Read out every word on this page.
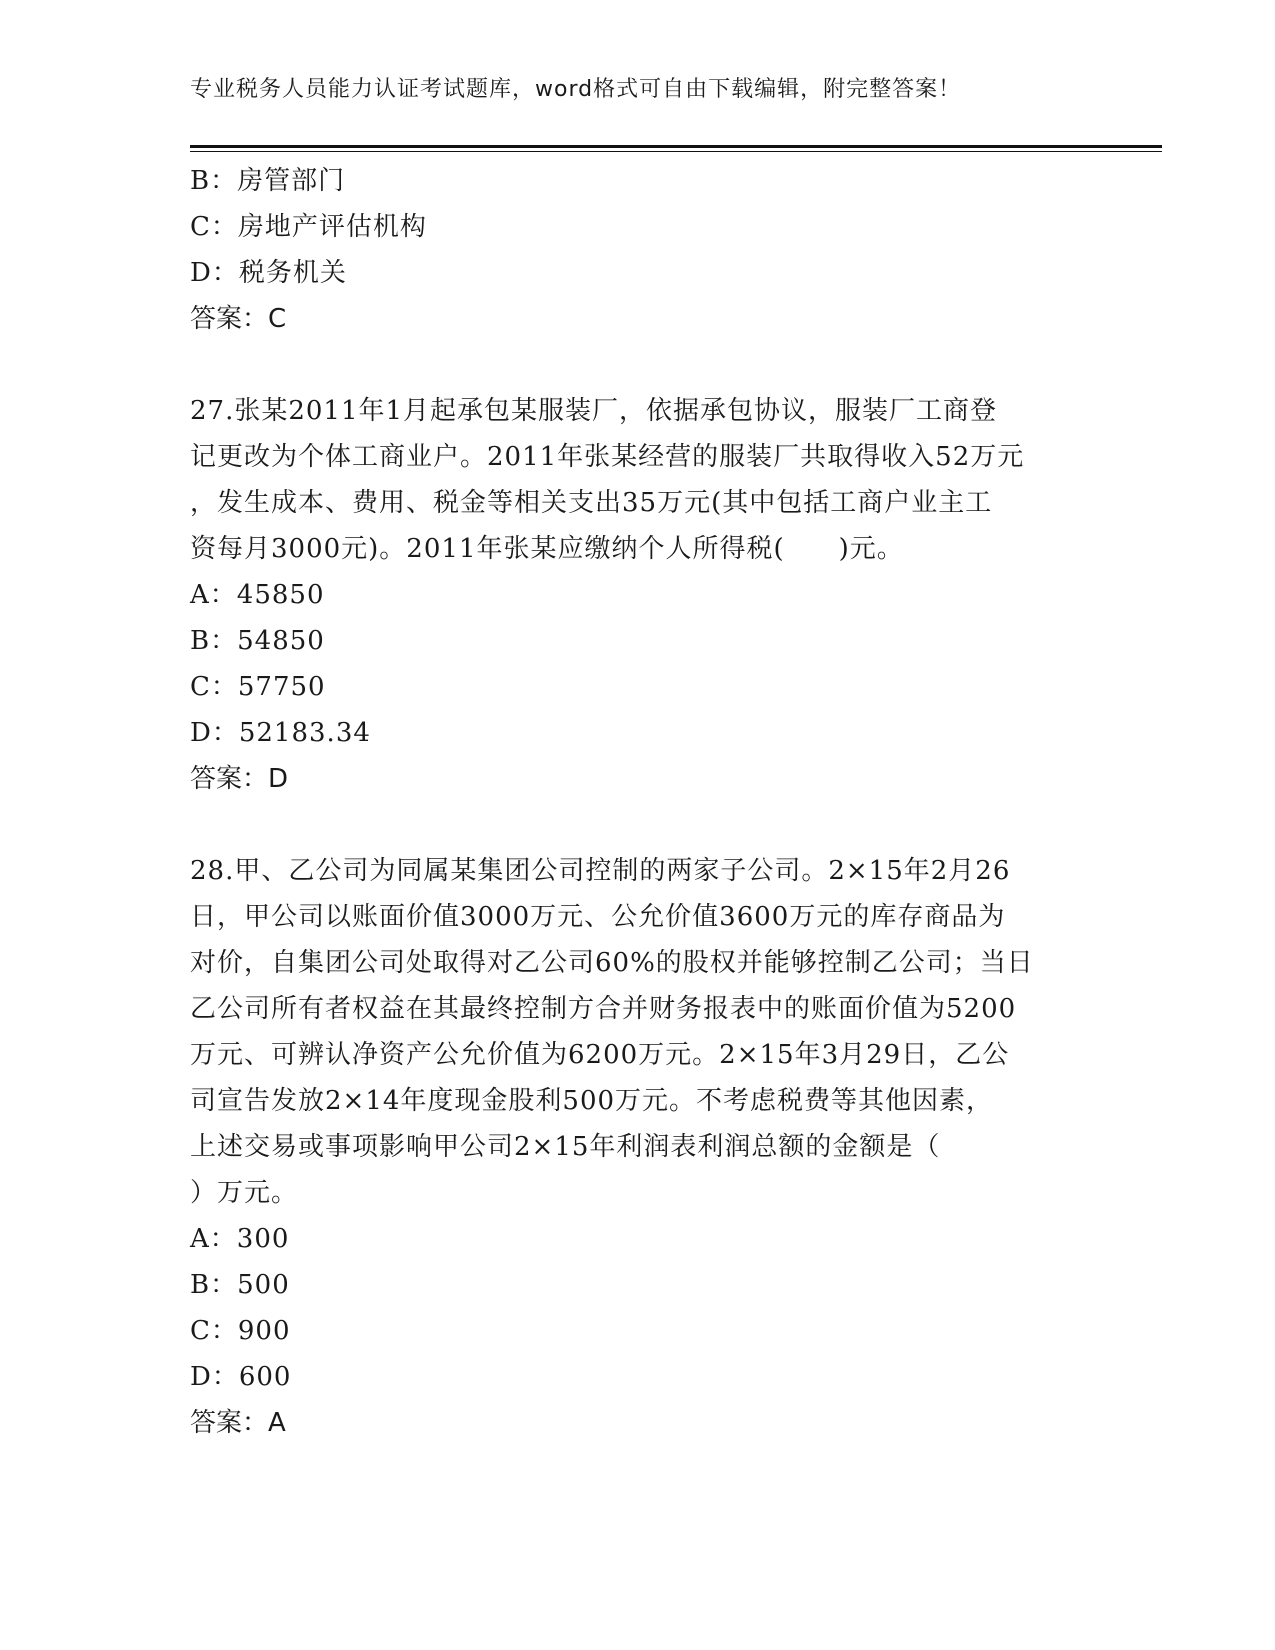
专业税务人员能力认证考试题库，word格式可自由下载编辑，附完整答案！
B：房管部门
C：房地产评估机构
D：税务机关
答案：C
27.张某2011年1月起承包某服装厂，依据承包协议，服装厂工商登
记更改为个体工商业户。2011年张某经营的服装厂共取得收入52万元
，发生成本、费用、税金等相关支出35万元(其中包括工商户业主工
资每月3000元)。2011年张某应缴纳个人所得税(　　)元。
A：45850
B：54850
C：57750
D：52183.34
答案：D
28.甲、乙公司为同属某集团公司控制的两家子公司。2×15年2月26
日，甲公司以账面价值3000万元、公允价值3600万元的库存商品为
对价，自集团公司处取得对乙公司60%的股权并能够控制乙公司；当日
乙公司所有者权益在其最终控制方合并财务报表中的账面价值为5200
万元、可辨认净资产公允价值为6200万元。2×15年3月29日，乙公
司宣告发放2×14年度现金股利500万元。不考虑税费等其他因素，
上述交易或事项影响甲公司2×15年利润表利润总额的金额是（
）万元。
A：300
B：500
C：900
D：600
答案：A
